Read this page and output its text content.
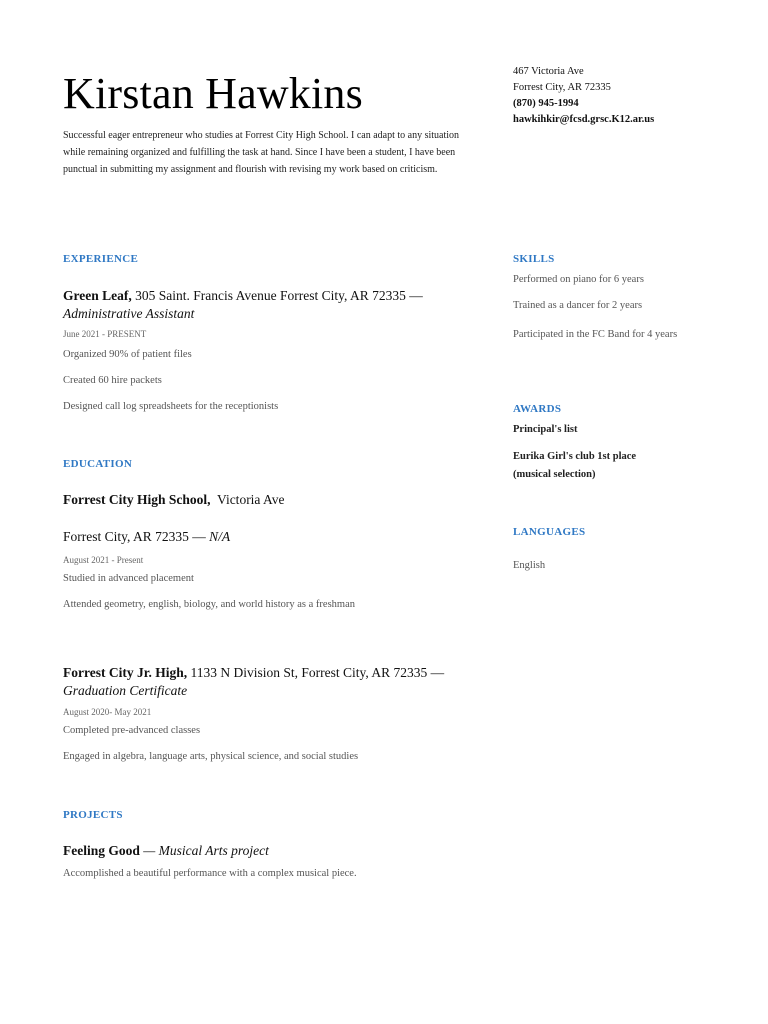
Kirstan Hawkins
Successful eager entrepreneur who studies at Forrest City High School. I can adapt to any situation while remaining organized and fulfilling the task at hand. Since I have been a student, I have been punctual in submitting my assignment and flourish with revising my work based on criticism.
467 Victoria Ave
Forrest City, AR 72335
(870) 945-1994
hawkihkir@fcsd.grsc.K12.ar.us
EXPERIENCE
Green Leaf, 305 Saint. Francis Avenue Forrest City, AR 72335 —
Administrative Assistant
June 2021 - PRESENT
Organized 90% of patient files
Created 60 hire packets
Designed call log spreadsheets for the receptionists
EDUCATION
Forrest City High School,  Victoria Ave
Forrest City, AR 72335 — N/A
August 2021 - Present
Studied in advanced placement
Attended geometry, english, biology, and world history as a freshman
Forrest City Jr. High, 1133 N Division St, Forrest City, AR 72335 —
Graduation Certificate
August 2020- May 2021
Completed pre-advanced classes
Engaged in algebra, language arts, physical science, and social studies
PROJECTS
Feeling Good — Musical Arts project
Accomplished a beautiful performance with a complex musical piece.
SKILLS
Performed on piano for 6 years
Trained as a dancer for 2 years
Participated in the FC Band for 4 years
AWARDS
Principal's list
Eurika Girl's club 1st place (musical selection)
LANGUAGES
English
